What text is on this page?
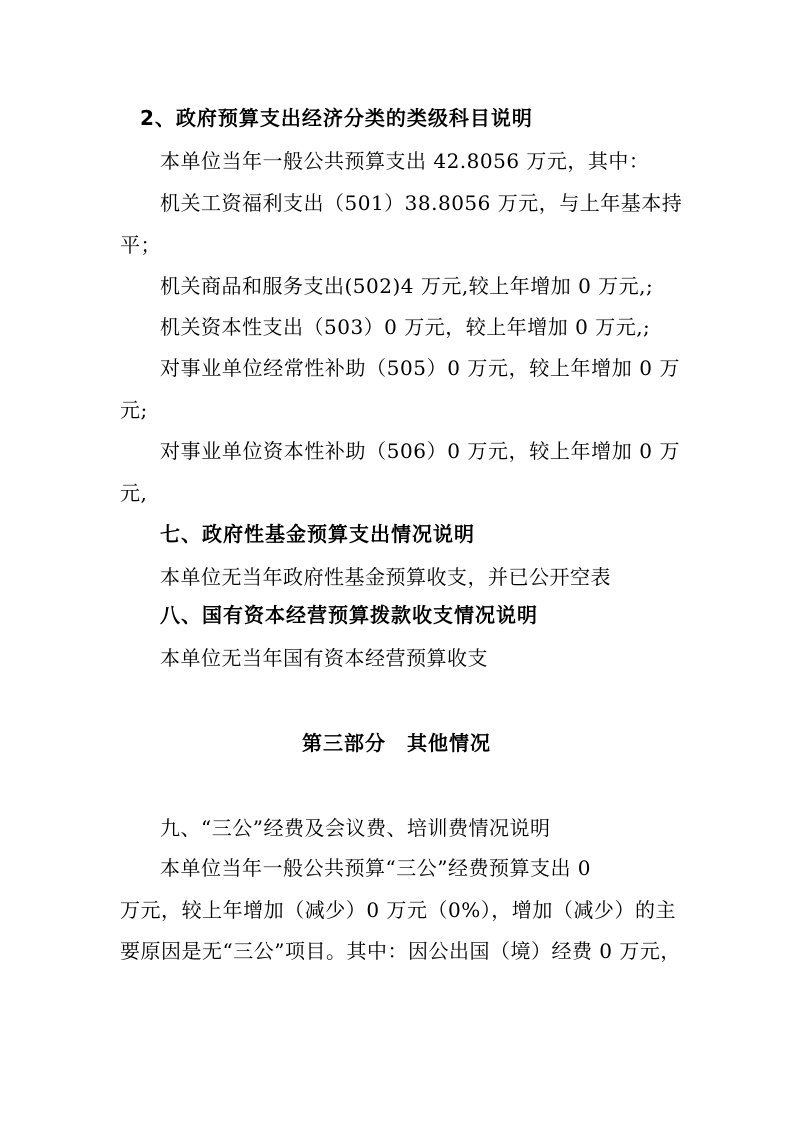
2、政府预算支出经济分类的类级科目说明
本单位当年一般公共预算支出 42.8056 万元，其中：
机关工资福利支出（501）38.8056 万元，与上年基本持
平；
机关商品和服务支出(502)4 万元,较上年增加 0 万元,;
机关资本性支出（503）0 万元，较上年增加 0 万元,;
对事业单位经常性补助（505）0 万元，较上年增加 0 万
元;
对事业单位资本性补助（506）0 万元，较上年增加 0 万
元,
七、政府性基金预算支出情况说明
本单位无当年政府性基金预算收支，并已公开空表
八、国有资本经营预算拨款收支情况说明
本单位无当年国有资本经营预算收支
第三部分　其他情况
九、“三公”经费及会议费、培训费情况说明
本单位当年一般公共预算“三公”经费预算支出 0
万元，较上年增加（减少）0 万元（0%），增加（减少）的主
要原因是无“三公”项目。其中：因公出国（境）经费 0 万元，
